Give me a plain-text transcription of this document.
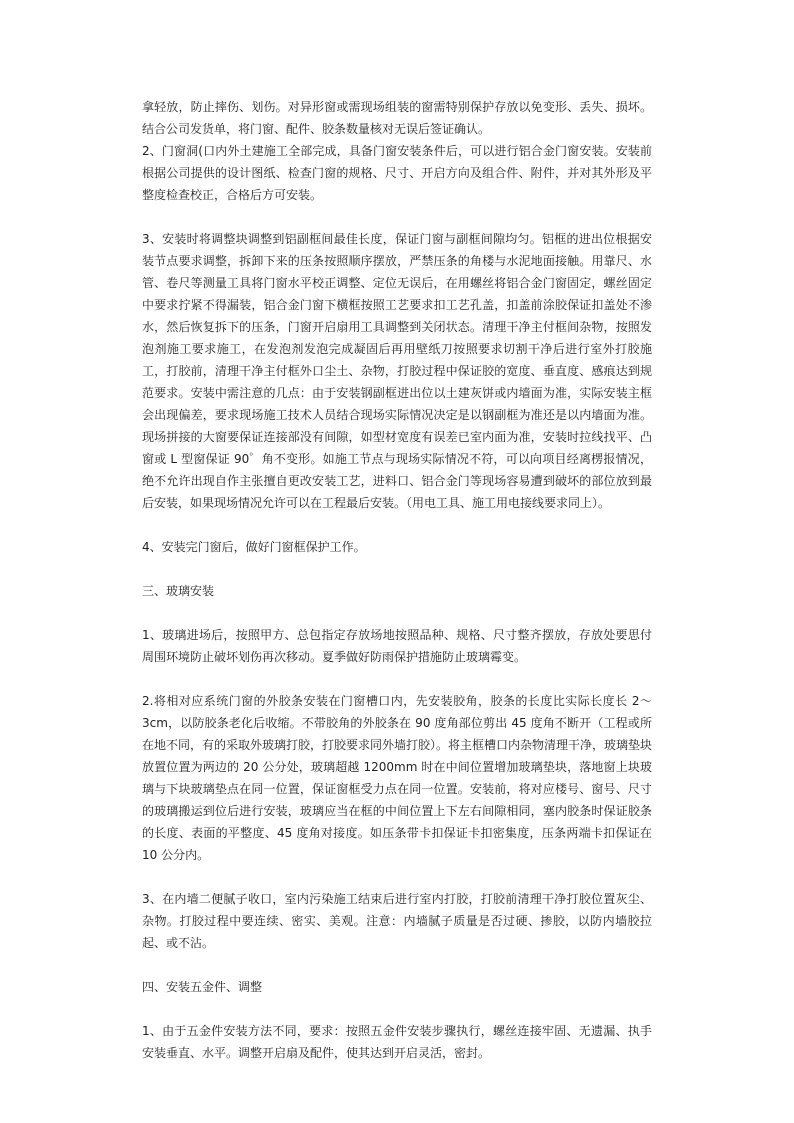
拿轻放，防止摔伤、划伤。对异形窗或需现场组装的窗需特别保护存放以免变形、丢失、损坏。结合公司发货单，将门窗、配件、胶条数量核对无误后签证确认。

2、门窗洞(口内外土建施工全部完成，具备门窗安装条件后，可以进行铝合金门窗安装。安装前根据公司提供的设计图纸、检查门窗的规格、尺寸、开启方向及组合件、附件，并对其外形及平整度检查校正，合格后方可安装。

3、安装时将调整块调整到铝副框间最佳长度，保证门窗与副框间隙均匀。铝框的进出位根据安装节点要求调整，拆卸下来的压条按照顺序摆放，严禁压条的角楼与水泥地面接触。用靠尺、水管、卷尺等测量工具将门窗水平校正调整、定位无误后，在用螺丝将铝合金门窗固定，螺丝固定中要求拧紧不得漏装，铝合金门窗下横框按照工艺要求扣工艺孔盖，扣盖前涂胶保证扣盖处不渗水，然后恢复拆下的压条，门窗开启扇用工具调整到关闭状态。清理干净主付框间杂物，按照发泡剂施工要求施工，在发泡剂发泡完成凝固后再用壁纸刀按照要求切割干净后进行室外打胶施工，打胶前，清理干净主付框外口尘土、杂物，打胶过程中保证胶的宽度、垂直度、感痕达到规范要求。安装中需注意的几点：由于安装钢副框进出位以土建灰饼或内墙面为准，实际安装主框会出现偏差，要求现场施工技术人员结合现场实际情况决定是以钢副框为准还是以内墙面为准。现场拼接的大窗要保证连接部没有间隙，如型材宽度有误差已室内面为准，安装时拉线找平、凸窗或 L 型窗保证 90゜角不变形。如施工节点与现场实际情况不符，可以向项目经离楞报情况，绝不允许出现自作主张擅自更改安装工艺，进料口、铝合金门等现场容易遭到破坏的部位放到最后安装，如果现场情况允许可以在工程最后安装。（用电工具、施工用电接线要求同上）。

4、安装完门窗后，做好门窗框保护工作。

三、玻璃安装

1、玻璃进场后，按照甲方、总包指定存放场地按照品种、规格、尺寸整齐摆放，存放处要思付周围环境防止破坏划伤再次移动。夏季做好防雨保护措施防止玻璃霉变。

2.将相对应系统门窗的外胶条安装在门窗槽口内，先安装胶角，胶条的长度比实际长度长 2～3cm，以防胶条老化后收缩。不带胶角的外胶条在 90 度角部位剪出 45 度角不断开（工程或所在地不同，有的采取外玻璃打胶，打胶要求同外墙打胶）。将主框槽口内杂物清理干净，玻璃垫块放置位置为两边的 20 公分处，玻璃超越 1200mm 时在中间位置增加玻璃垫块，落地窗上块玻璃与下块玻璃垫点在同一位置，保证窗框受力点在同一位置。安装前，将对应楼号、窗号、尺寸的玻璃搬运到位后进行安装，玻璃应当在框的中间位置上下左右间隙相同，塞内胶条时保证胶条的长度、表面的平整度、45 度角对接度。如压条带卡扣保证卡扣密集度，压条两端卡扣保证在 10 公分内。

3、在内墙二便腻子收口，室内污染施工结束后进行室内打胶，打胶前清理干净打胶位置灰尘、杂物。打胶过程中要连续、密实、美观。注意：内墙腻子质量是否过硬、掺胶，以防内墙胶拉起、或不沾。

四、安装五金件、调整

1、由于五金件安装方法不同，要求：按照五金件安装步骤执行，螺丝连接牢固、无遗漏、执手安装垂直、水平。调整开启扇及配件，使其达到开启灵活，密封。
